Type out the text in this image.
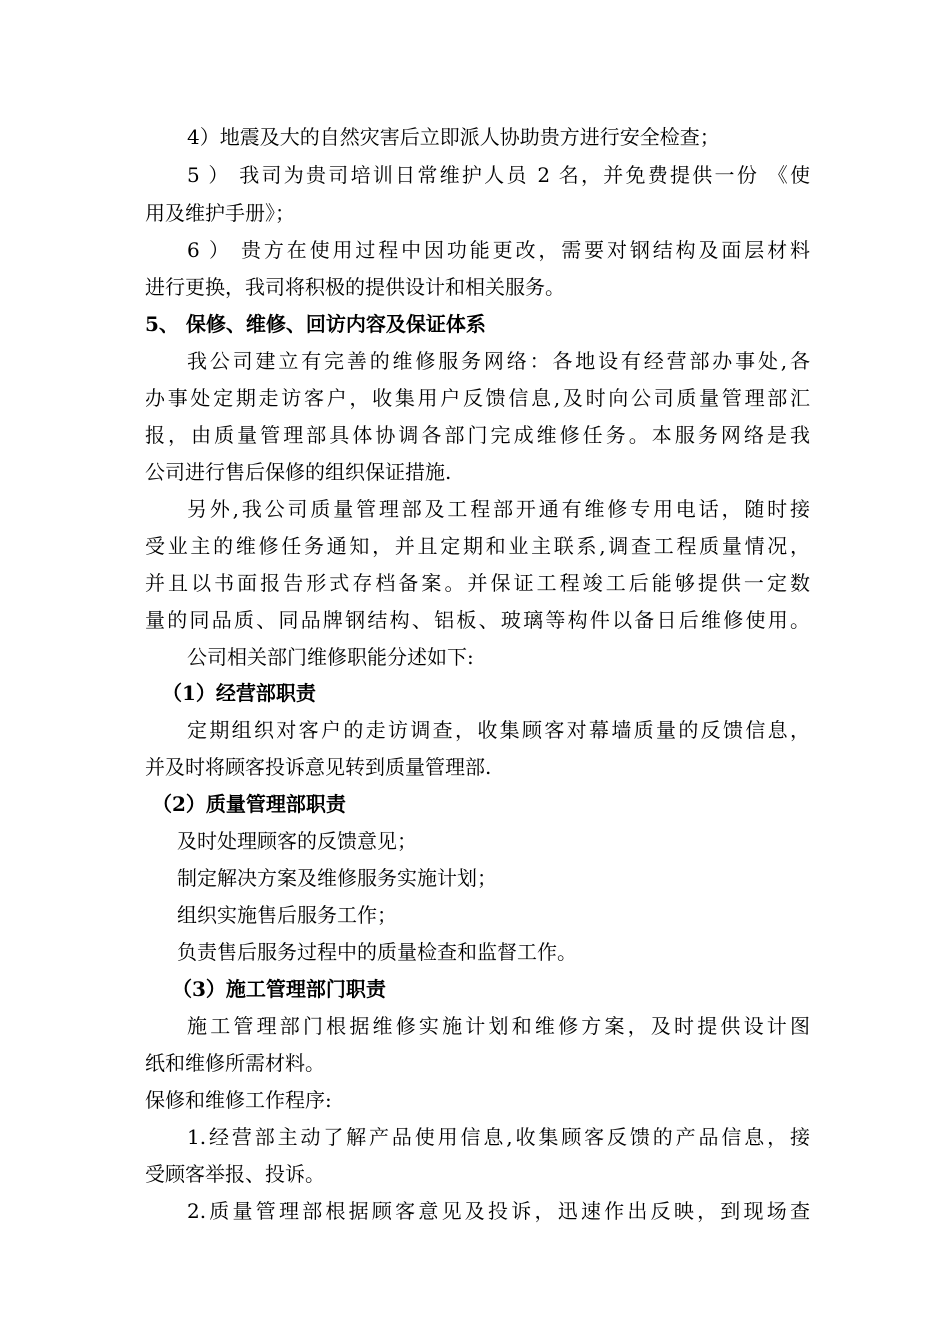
4）地震及大的自然灾害后立即派人协助贵方进行安全检查；
5 ） 我司为贵司培训日常维护人员 2 名，并免费提供一份 《使
用及维护手册》；
6 ） 贵方在使用过程中因功能更改，需要对钢结构及面层材料
进行更换，我司将积极的提供设计和相关服务。
5、 保修、维修、回访内容及保证体系
我公司建立有完善的维修服务网络：各地设有经营部办事处,各
办事处定期走访客户，收集用户反馈信息,及时向公司质量管理部汇
报，由质量管理部具体协调各部门完成维修任务。本服务网络是我
公司进行售后保修的组织保证措施.
另外,我公司质量管理部及工程部开通有维修专用电话，随时接
受业主的维修任务通知，并且定期和业主联系,调查工程质量情况，
并且以书面报告形式存档备案。并保证工程竣工后能够提供一定数
量的同品质、同品牌钢结构、铝板、玻璃等构件以备日后维修使用。
公司相关部门维修职能分述如下:
（1）经营部职责
定期组织对客户的走访调查，收集顾客对幕墙质量的反馈信息，
并及时将顾客投诉意见转到质量管理部.
（2）质量管理部职责
及时处理顾客的反馈意见；
制定解决方案及维修服务实施计划；
组织实施售后服务工作；
负责售后服务过程中的质量检查和监督工作。
（3）施工管理部门职责
施工管理部门根据维修实施计划和维修方案，及时提供设计图
纸和维修所需材料。
保修和维修工作程序:
1.经营部主动了解产品使用信息,收集顾客反馈的产品信息，接
受顾客举报、投诉。
2.质量管理部根据顾客意见及投诉，迅速作出反映，到现场查
